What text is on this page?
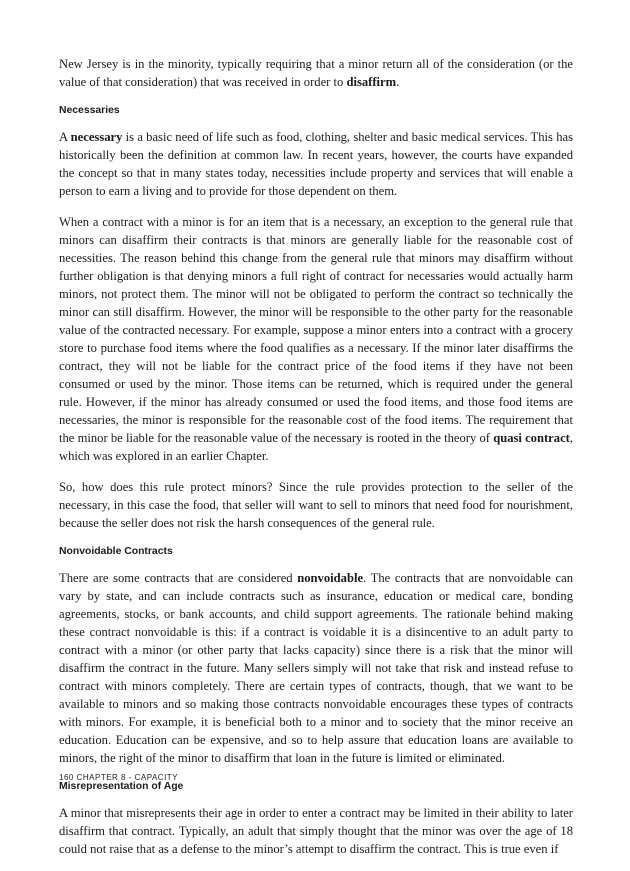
New Jersey is in the minority, typically requiring that a minor return all of the consideration (or the value of that consideration) that was received in order to disaffirm.

Necessaries

A necessary is a basic need of life such as food, clothing, shelter and basic medical services. This has historically been the definition at common law. In recent years, however, the courts have expanded the concept so that in many states today, necessities include property and services that will enable a person to earn a living and to provide for those dependent on them.

When a contract with a minor is for an item that is a necessary, an exception to the general rule that minors can disaffirm their contracts is that minors are generally liable for the reasonable cost of necessities. The reason behind this change from the general rule that minors may disaffirm without further obligation is that denying minors a full right of contract for necessaries would actually harm minors, not protect them. The minor will not be obligated to perform the contract so technically the minor can still disaffirm. However, the minor will be responsible to the other party for the reasonable value of the contracted necessary. For example, suppose a minor enters into a contract with a grocery store to purchase food items where the food qualifies as a necessary. If the minor later disaffirms the contract, they will not be liable for the contract price of the food items if they have not been consumed or used by the minor. Those items can be returned, which is required under the general rule. However, if the minor has already consumed or used the food items, and those food items are necessaries, the minor is responsible for the reasonable cost of the food items. The requirement that the minor be liable for the reasonable value of the necessary is rooted in the theory of quasi contract, which was explored in an earlier Chapter.

So, how does this rule protect minors? Since the rule provides protection to the seller of the necessary, in this case the food, that seller will want to sell to minors that need food for nourishment, because the seller does not risk the harsh consequences of the general rule.

Nonvoidable Contracts

There are some contracts that are considered nonvoidable. The contracts that are nonvoidable can vary by state, and can include contracts such as insurance, education or medical care, bonding agreements, stocks, or bank accounts, and child support agreements. The rationale behind making these contract nonvoidable is this: if a contract is voidable it is a disincentive to an adult party to contract with a minor (or other party that lacks capacity) since there is a risk that the minor will disaffirm the contract in the future. Many sellers simply will not take that risk and instead refuse to contract with minors completely. There are certain types of contracts, though, that we want to be available to minors and so making those contracts nonvoidable encourages these types of contracts with minors. For example, it is beneficial both to a minor and to society that the minor receive an education. Education can be expensive, and so to help assure that education loans are available to minors, the right of the minor to disaffirm that loan in the future is limited or eliminated.

Misrepresentation of Age

A minor that misrepresents their age in order to enter a contract may be limited in their ability to later disaffirm that contract. Typically, an adult that simply thought that the minor was over the age of 18 could not raise that as a defense to the minor’s attempt to disaffirm the contract. This is true even if

160 CHAPTER 8 - CAPACITY
